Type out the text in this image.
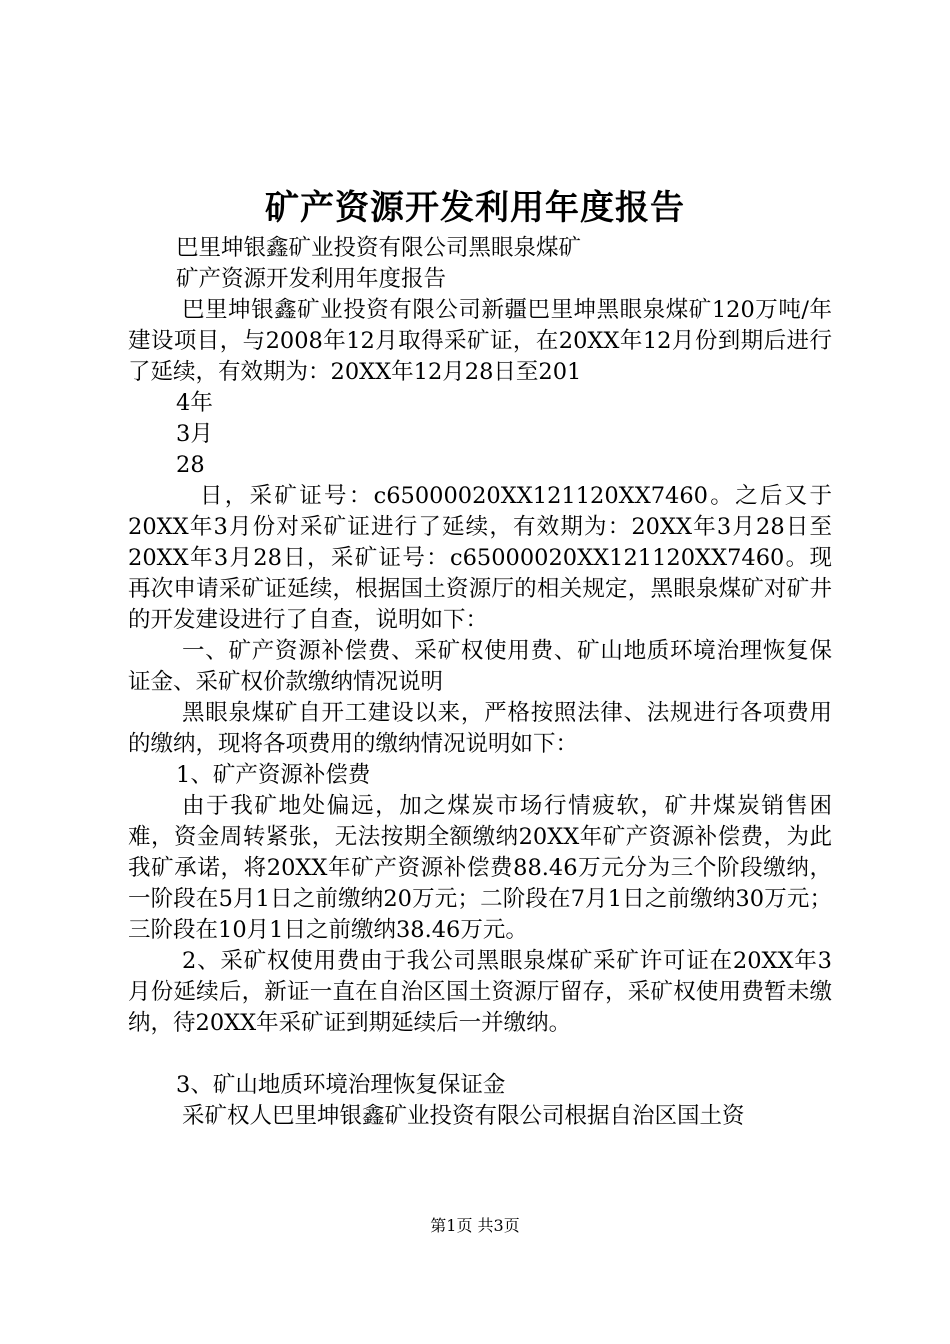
矿产资源开发利用年度报告

巴里坤银鑫矿业投资有限公司黑眼泉煤矿

矿产资源开发利用年度报告

巴里坤银鑫矿业投资有限公司新疆巴里坤黑眼泉煤矿120万吨/年建设项目，与2008年12月取得采矿证，在20XX年12月份到期后进行了延续，有效期为：20XX年12月28日至201

4年

3月

28

日，采矿证号：c65000020XX121120XX7460。之后又于20XX年3月份对采矿证进行了延续，有效期为：20XX年3月28日至20XX年3月28日，采矿证号：c65000020XX121120XX7460。现再次申请采矿证延续，根据国土资源厅的相关规定，黑眼泉煤矿对矿井的开发建设进行了自查，说明如下：

一、矿产资源补偿费、采矿权使用费、矿山地质环境治理恢复保证金、采矿权价款缴纳情况说明

黑眼泉煤矿自开工建设以来，严格按照法律、法规进行各项费用的缴纳，现将各项费用的缴纳情况说明如下：

1、矿产资源补偿费

由于我矿地处偏远，加之煤炭市场行情疲软，矿井煤炭销售困难，资金周转紧张，无法按期全额缴纳20XX年矿产资源补偿费，为此我矿承诺，将20XX年矿产资源补偿费88.46万元分为三个阶段缴纳，一阶段在5月1日之前缴纳20万元；二阶段在7月1日之前缴纳30万元；三阶段在10月1日之前缴纳38.46万元。

2、采矿权使用费由于我公司黑眼泉煤矿采矿许可证在20XX年3月份延续后，新证一直在自治区国土资源厅留存，采矿权使用费暂未缴纳，待20XX年采矿证到期延续后一并缴纳。

3、矿山地质环境治理恢复保证金

采矿权人巴里坤银鑫矿业投资有限公司根据自治区国土资

第1页 共3页
